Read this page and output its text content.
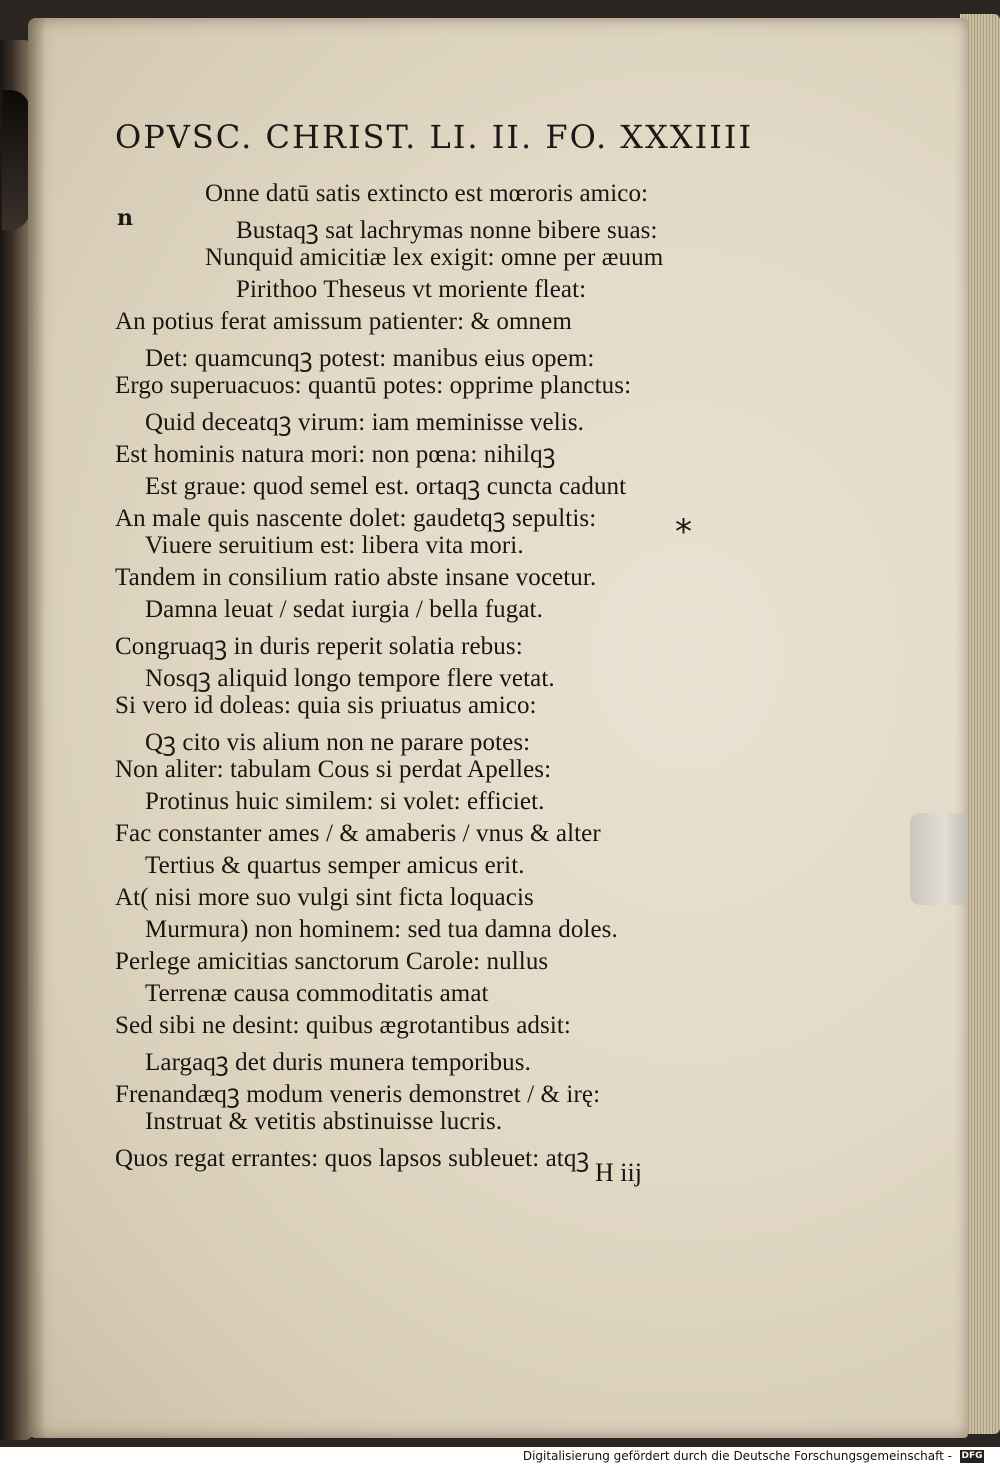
OPVSC. CHRIST. LI. II. FO. XXXIIII
n
*
Onne datū satis extincto est mœroris amico:
Bustaqꝫ sat lachrymas nonne bibere suas:
Nunquid amicitiæ lex exigit: omne per æuum
Pirithoo Theseus vt moriente fleat:
An potius ferat amissum patienter: & omnem
Det: quamcunqꝫ potest: manibus eius opem:
Ergo superuacuos: quantū potes: opprime planctus:
Quid deceatqꝫ virum: iam meminisse velis.
Est hominis natura mori: non pœna: nihilqꝫ
Est graue: quod semel est. ortaqꝫ cuncta cadunt
An male quis nascente dolet: gaudetqꝫ sepultis:
Viuere seruitium est: libera vita mori.
Tandem in consilium ratio abste insane vocetur.
Damna leuat / sedat iurgia / bella fugat.
Congruaqꝫ in duris reperit solatia rebus:
Nosqꝫ aliquid longo tempore flere vetat.
Si vero id doleas: quia sis priuatus amico:
Qꝫ cito vis alium non ne parare potes:
Non aliter: tabulam Cous si perdat Apelles:
Protinus huic similem: si volet: efficiet.
Fac constanter ames / & amaberis / vnus & alter
Tertius & quartus semper amicus erit.
At( nisi more suo vulgi sint ficta loquacis
Murmura) non hominem: sed tua damna doles.
Perlege amicitias sanctorum Carole: nullus
Terrenæ causa commoditatis amat
Sed sibi ne desint: quibus ægrotantibus adsit:
Largaqꝫ det duris munera temporibus.
Frenandæqꝫ modum veneris demonstret / & irę:
Instruat & vetitis abstinuisse lucris.
Quos regat errantes: quos lapsos subleuet: atqꝫ H iij
Digitalisierung gefördert durch die Deutsche Forschungsgemeinschaft - DFG
